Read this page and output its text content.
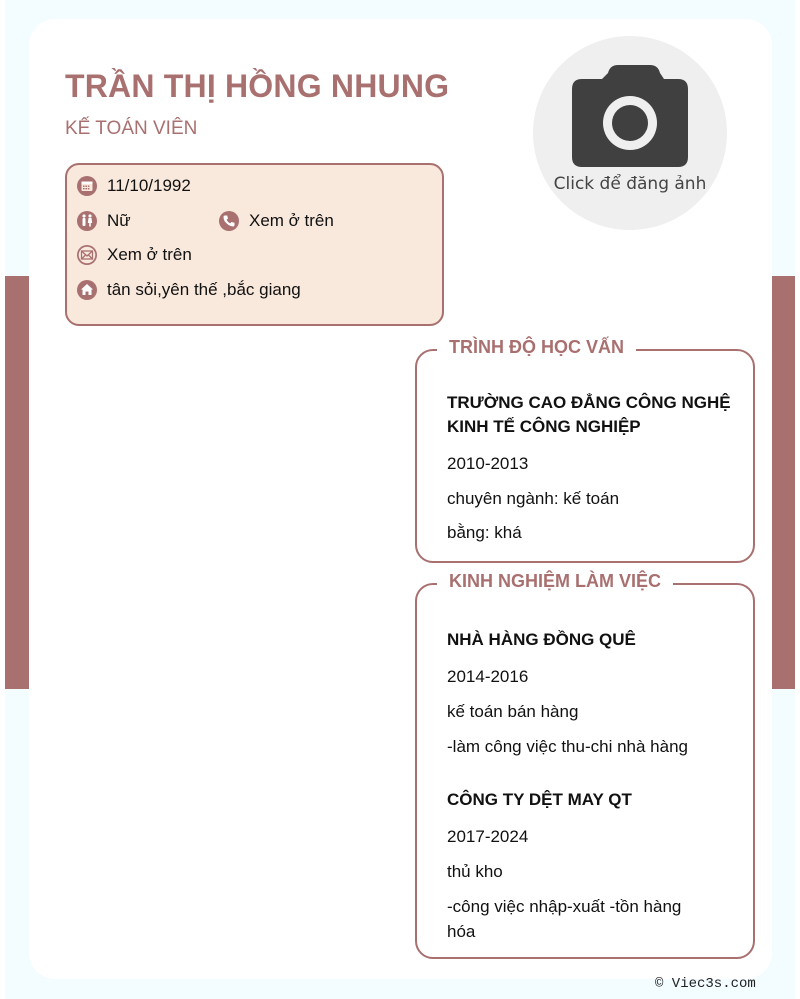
TRẦN THỊ HỒNG NHUNG
KẾ TOÁN VIÊN
Click để đăng ảnh
11/10/1992
Nữ	Xem ở trên
Xem ở trên
tân sỏi,yên thế ,bắc giang
TRÌNH ĐỘ HỌC VẤN
TRƯỜNG CAO ĐẲNG CÔNG NGHỆ
KINH TẾ CÔNG NGHIỆP
2010-2013
chuyên ngành: kế toán
bằng: khá
KINH NGHIỆM LÀM VIỆC
NHÀ HÀNG ĐỒNG QUÊ
2014-2016
kế toán bán hàng
-làm công việc thu-chi nhà hàng
CÔNG TY DỆT MAY QT
2017-2024
thủ kho
-công việc nhập-xuất -tồn hàng
hóa
© Viec3s.com
